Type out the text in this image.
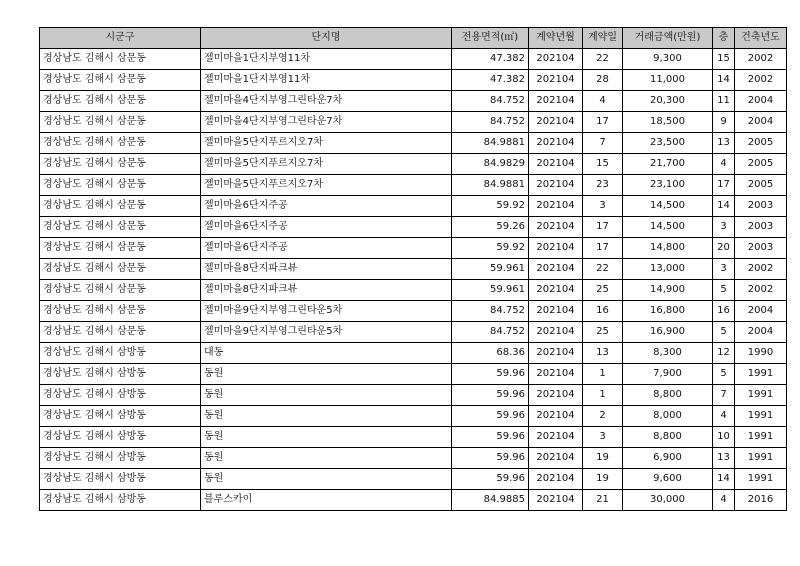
시군구	단지명	전용면적(㎡)	계약년월	계약일	거래금액(만원)	층	건축년도
경상남도 김해시 삼문동	젤미마을1단지부영11차	47.382	202104	22	9,300	15	2002
경상남도 김해시 삼문동	젤미마을1단지부영11차	47.382	202104	28	11,000	14	2002
경상남도 김해시 삼문동	젤미마을4단지부영그린타운7차	84.752	202104	4	20,300	11	2004
경상남도 김해시 삼문동	젤미마을4단지부영그린타운7차	84.752	202104	17	18,500	9	2004
경상남도 김해시 삼문동	젤미마을5단지푸르지오7차	84.9881	202104	7	23,500	13	2005
경상남도 김해시 삼문동	젤미마을5단지푸르지오7차	84.9829	202104	15	21,700	4	2005
경상남도 김해시 삼문동	젤미마을5단지푸르지오7차	84.9881	202104	23	23,100	17	2005
경상남도 김해시 삼문동	젤미마을6단지주공	59.92	202104	3	14,500	14	2003
경상남도 김해시 삼문동	젤미마을6단지주공	59.26	202104	17	14,500	3	2003
경상남도 김해시 삼문동	젤미마을6단지주공	59.92	202104	17	14,800	20	2003
경상남도 김해시 삼문동	젤미마을8단지파크뷰	59.961	202104	22	13,000	3	2002
경상남도 김해시 삼문동	젤미마을8단지파크뷰	59.961	202104	25	14,900	5	2002
경상남도 김해시 삼문동	젤미마을9단지부영그린타운5차	84.752	202104	16	16,800	16	2004
경상남도 김해시 삼문동	젤미마을9단지부영그린타운5차	84.752	202104	25	16,900	5	2004
경상남도 김해시 삼방동	대동	68.36	202104	13	8,300	12	1990
경상남도 김해시 삼방동	동원	59.96	202104	1	7,900	5	1991
경상남도 김해시 삼방동	동원	59.96	202104	1	8,800	7	1991
경상남도 김해시 삼방동	동원	59.96	202104	2	8,000	4	1991
경상남도 김해시 삼방동	동원	59.96	202104	3	8,800	10	1991
경상남도 김해시 삼방동	동원	59.96	202104	19	6,900	13	1991
경상남도 김해시 삼방동	동원	59.96	202104	19	9,600	14	1991
경상남도 김해시 삼방동	블루스카이	84.9885	202104	21	30,000	4	2016
